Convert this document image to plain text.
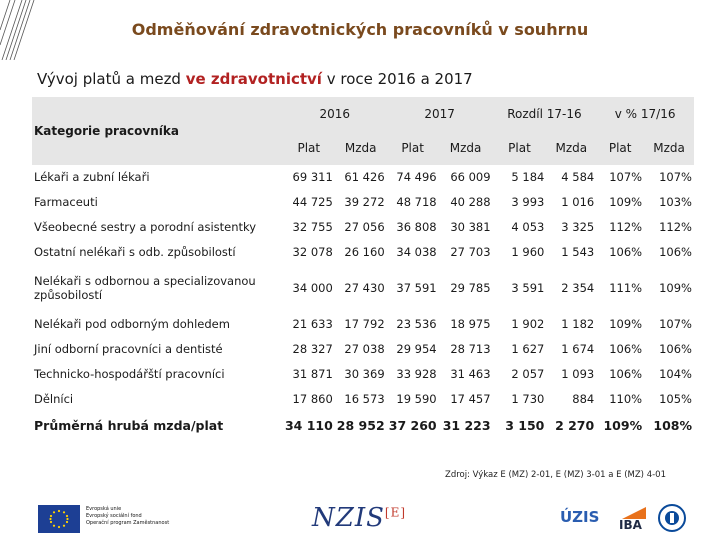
Odměňování zdravotnických pracovníků v souhrnu
Vývoj platů a mezd ve zdravotnictví v roce 2016 a 2017
Kategorie pracovníka	2016		2017		Rozdíl 17-16		v % 17/16	
	Plat	Mzda	Plat	Mzda	Plat	Mzda	Plat	Mzda
Lékaři a zubní lékaři	69 311	61 426	74 496	66 009	5 184	4 584	107%	107%
Farmaceuti	44 725	39 272	48 718	40 288	3 993	1 016	109%	103%
Všeobecné sestry a porodní asistentky	32 755	27 056	36 808	30 381	4 053	3 325	112%	112%
Ostatní nelékaři s odb. způsobilostí	32 078	26 160	34 038	27 703	1 960	1 543	106%	106%
Nelékaři s odbornou a specializovanou způsobilostí	34 000	27 430	37 591	29 785	3 591	2 354	111%	109%
Nelékaři pod odborným dohledem	21 633	17 792	23 536	18 975	1 902	1 182	109%	107%
Jiní odborní pracovníci a dentisté	28 327	27 038	29 954	28 713	1 627	1 674	106%	106%
Technicko-hospodářští pracovníci	31 871	30 369	33 928	31 463	2 057	1 093	106%	104%
Dělníci	17 860	16 573	19 590	17 457	1 730	884	110%	105%
Průměrná hrubá mzda/plat	34 110	28 952	37 260	31 223	3 150	2 270	109%	108%
Zdroj: Výkaz E (MZ) 2-01, E (MZ) 3-01 a E (MZ) 4-01
Evropská unie
Evropský sociální fond
Operační program Zaměstnanost	NZIS[E]	ÚZIS IBA
